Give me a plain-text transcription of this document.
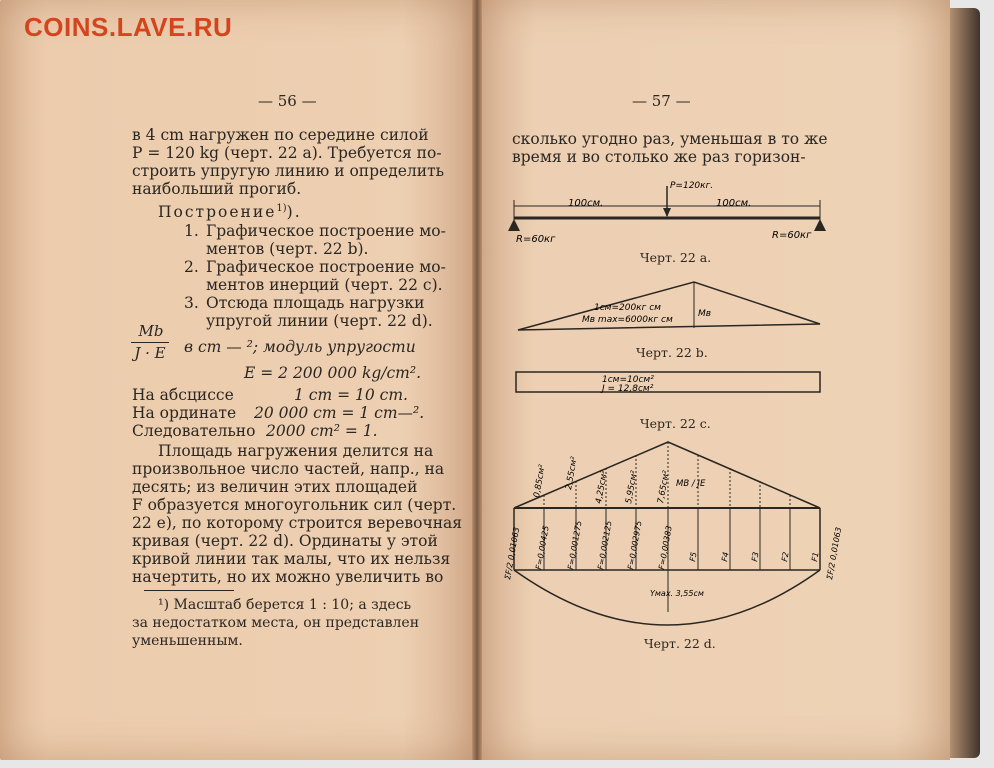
COINS.LAVE.RU
— 56 —
в 4 cm нагружен по середине силой
P = 120 kg (черт. 22 a). Требуется по-
строить упругую линию и определить
наибольший прогиб.
Построение$^{1)}$).
1. Графическое построение мо-
ментов (черт. 22 b).
2. Графическое построение мо-
ментов инерций (черт. 22 c).
3. Отсюда площадь нагрузки
упругой линии (черт. 22 d).
Mb
J · E	в cm — ²; модуль упругости
E = 2 200 000 kg/cm².
На абсциссе	1 cm = 10 cm.
На ординате 20 000 cm = 1 cm—².
Следовательно 2000 cm² = 1.
Площадь нагружения делится на
произвольное число частей, напр., на
десять; из величин этих площадей
F образуется многоугольник сил (черт.
22 e), по которому строится веревочная
кривая (черт. 22 d). Ординаты у этой
кривой линии так малы, что их нельзя
начертить, но их можно увеличить во
¹) Масштаб берется 1 : 10; а здесь
за недостатком места, он представлен
уменьшенным.
— 57 —
сколько угодно раз, уменьшая в то же
время и во столько же раз горизон-
100см.	100см.
P=120кг.
R=60кг	R=60кг
1см=200кг см
Mв max=6000кг см
Mв
1см=10см²
J = 12,8см²
0,85см² 2,55см² 4,25см² 5,95см² 7,65см² MВ / JE
F=0,00425 F=0,001275 F=0,002125 F=0,002975 F=0,00383 F5	F4 F3 F2 F1
ΣF/2 0,01063	ΣF/2 0,01063
Yмах. 3,55см
Черт. 22 a.
Черт. 22 b.
Черт. 22 c.
Черт. 22 d.
